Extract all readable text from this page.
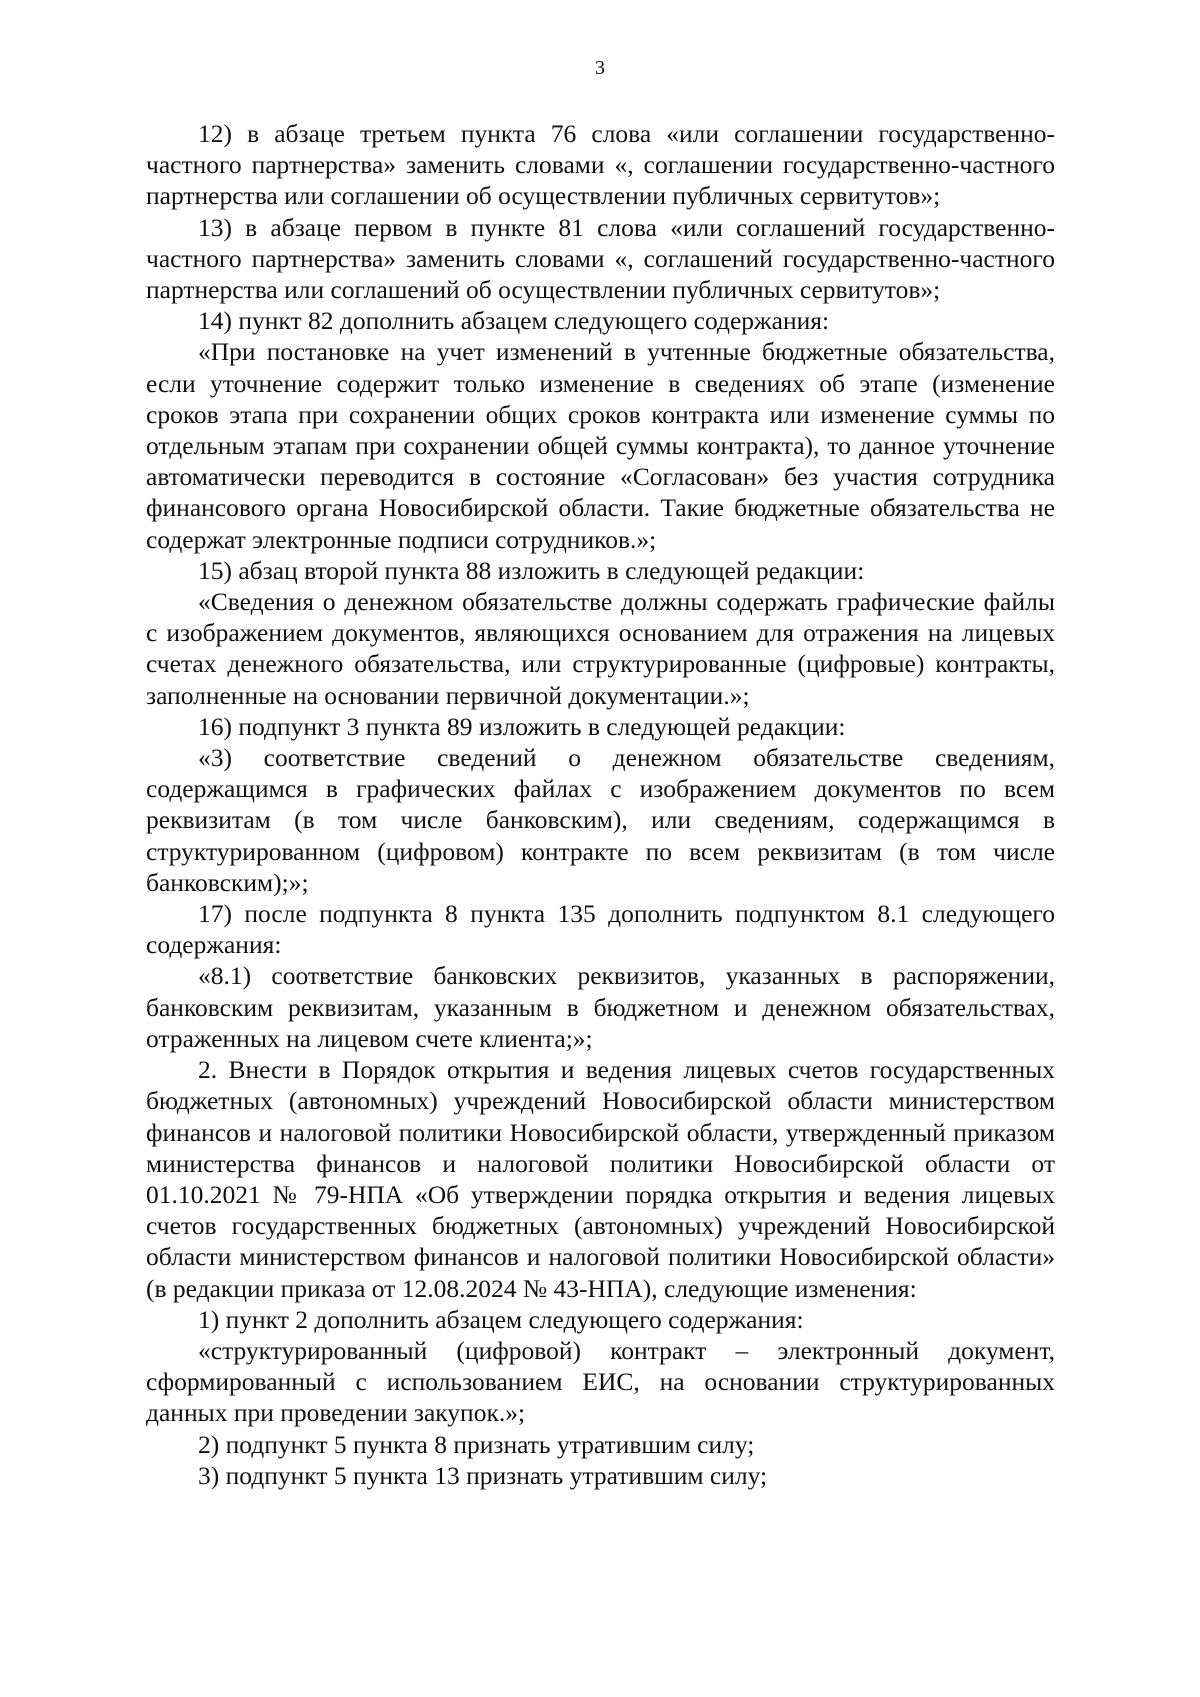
3

12) в абзаце третьем пункта 76 слова «или соглашении государственно-частного партнерства» заменить словами «, соглашении государственно-частного партнерства или соглашении об осуществлении публичных сервитутов»;

13) в абзаце первом в пункте 81 слова «или соглашений государственно-частного партнерства» заменить словами «, соглашений государственно-частного партнерства или соглашений об осуществлении публичных сервитутов»;

14) пункт 82 дополнить абзацем следующего содержания:

«При постановке на учет изменений в учтенные бюджетные обязательства, если уточнение содержит только изменение в сведениях об этапе (изменение сроков этапа при сохранении общих сроков контракта или изменение суммы по отдельным этапам при сохранении общей суммы контракта), то данное уточнение автоматически переводится в состояние «Согласован» без участия сотрудника финансового органа Новосибирской области. Такие бюджетные обязательства не содержат электронные подписи сотрудников.»;

15) абзац второй пункта 88 изложить в следующей редакции:

«Сведения о денежном обязательстве должны содержать графические файлы с изображением документов, являющихся основанием для отражения на лицевых счетах денежного обязательства, или структурированные (цифровые) контракты, заполненные на основании первичной документации.»;

16) подпункт 3 пункта 89 изложить в следующей редакции:

«3) соответствие сведений о денежном обязательстве сведениям, содержащимся в графических файлах с изображением документов по всем реквизитам (в том числе банковским), или сведениям, содержащимся в структурированном (цифровом) контракте по всем реквизитам (в том числе банковским);»;

17) после подпункта 8 пункта 135 дополнить подпунктом 8.1 следующего содержания:

«8.1) соответствие банковских реквизитов, указанных в распоряжении, банковским реквизитам, указанным в бюджетном и денежном обязательствах, отраженных на лицевом счете клиента;»;

2. Внести в Порядок открытия и ведения лицевых счетов государственных бюджетных (автономных) учреждений Новосибирской области министерством финансов и налоговой политики Новосибирской области, утвержденный приказом министерства финансов и налоговой политики Новосибирской области от 01.10.2021 № 79-НПА «Об утверждении порядка открытия и ведения лицевых счетов государственных бюджетных (автономных) учреждений Новосибирской области министерством финансов и налоговой политики Новосибирской области» (в редакции приказа от 12.08.2024 № 43-НПА), следующие изменения:

1) пункт 2 дополнить абзацем следующего содержания:

«структурированный (цифровой) контракт – электронный документ, сформированный с использованием ЕИС, на основании структурированных данных при проведении закупок.»;

2) подпункт 5 пункта 8 признать утратившим силу;

3) подпункт 5 пункта 13 признать утратившим силу;
